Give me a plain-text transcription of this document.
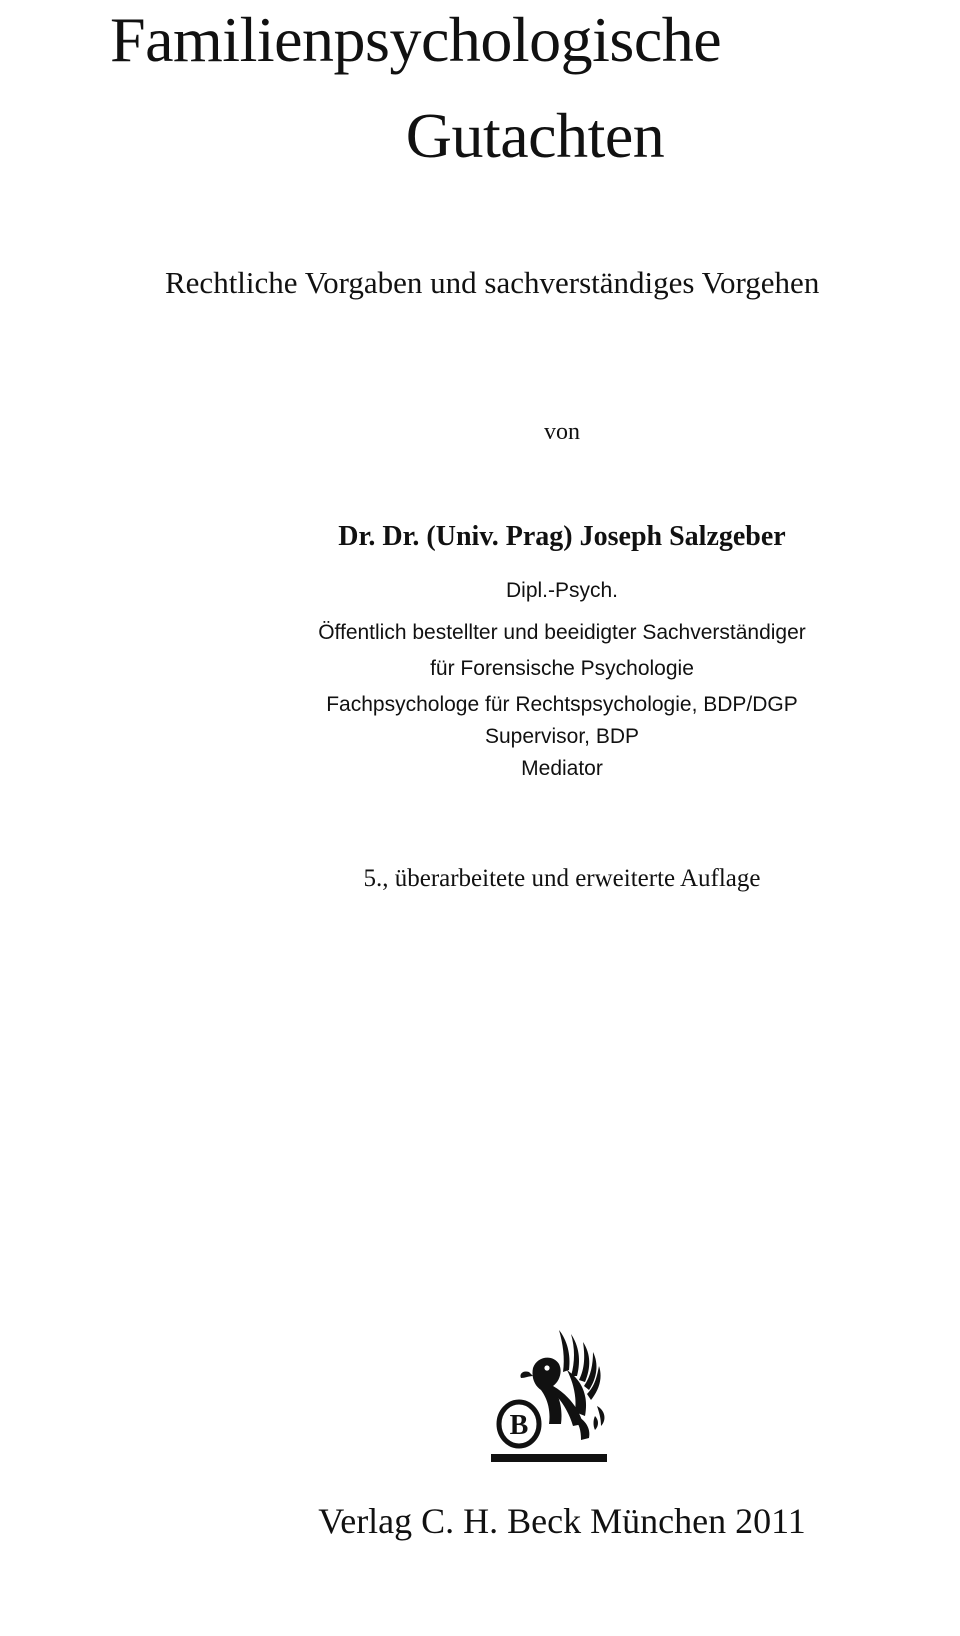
Familienpsychologische
Gutachten

Rechtliche Vorgaben und sachverständiges Vorgehen

von

Dr. Dr. (Univ. Prag) Joseph Salzgeber

Dipl.-Psych.

Öffentlich bestellter und beeidigter Sachverständiger

für Forensische Psychologie

Fachpsychologe für Rechtspsychologie, BDP/DGP

Supervisor, BDP

Mediator

5., überarbeitete und erweiterte Auflage

B

Verlag C. H. Beck München 2011
